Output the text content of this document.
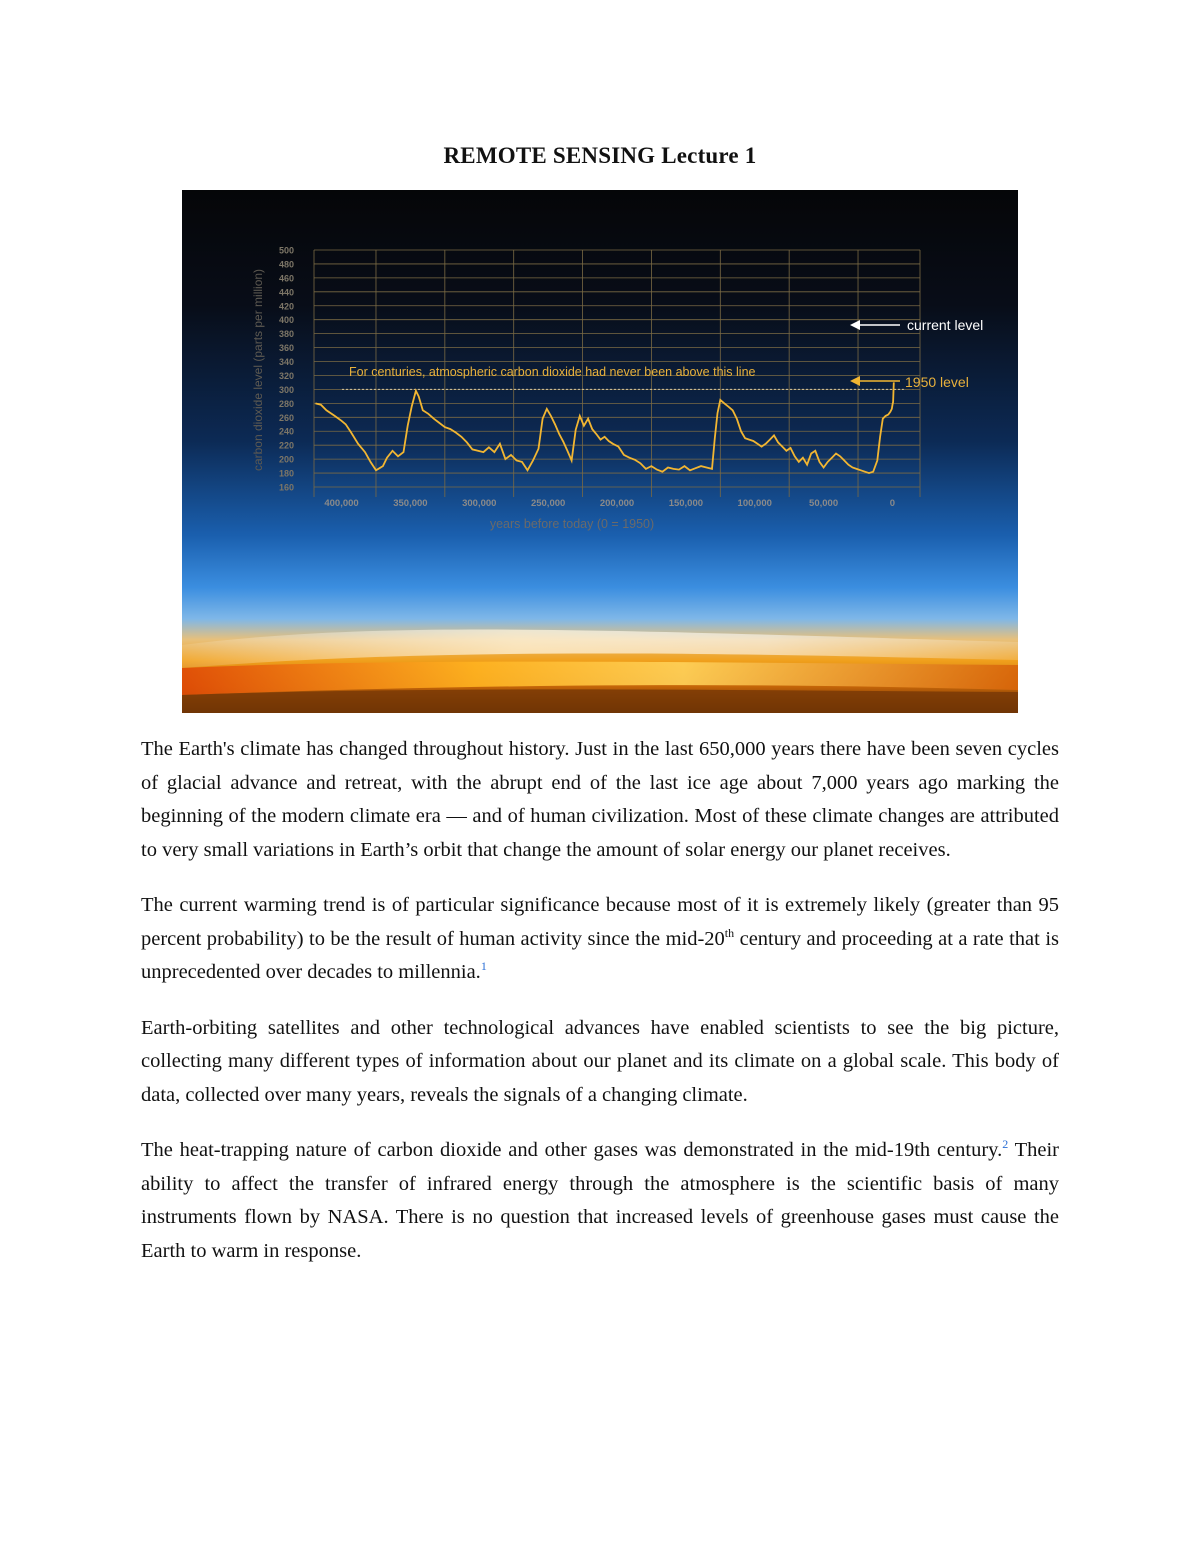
REMOTE SENSING Lecture 1
160
180
200
220
240
260
280
300
320
340
360
380
400
420
440
460
480
500
400,000	350,000	300,000	250,000	200,000	150,000	100,000	50,000	0
For centuries, atmospheric carbon dioxide had never been above this line
current level
1950 level
carbon dioxide level (parts per million)
years before today (0 = 1950)

The Earth's climate has changed throughout history. Just in the last 650,000 years there have been seven cycles of glacial advance and retreat, with the abrupt end of the last ice age about 7,000 years ago marking the beginning of the modern climate era — and of human civilization. Most of these climate changes are attributed to very small variations in Earth’s orbit that change the amount of solar energy our planet receives.

The current warming trend is of particular significance because most of it is extremely likely (greater than 95 percent probability) to be the result of human activity since the mid-20th century and proceeding at a rate that is unprecedented over decades to millennia.$^1$

Earth-orbiting satellites and other technological advances have enabled scientists to see the big picture, collecting many different types of information about our planet and its climate on a global scale. This body of data, collected over many years, reveals the signals of a changing climate.

The heat-trapping nature of carbon dioxide and other gases was demonstrated in the mid-19th century.$^2$ Their ability to affect the transfer of infrared energy through the atmosphere is the scientific basis of many instruments flown by NASA. There is no question that increased levels of greenhouse gases must cause the Earth to warm in response.
